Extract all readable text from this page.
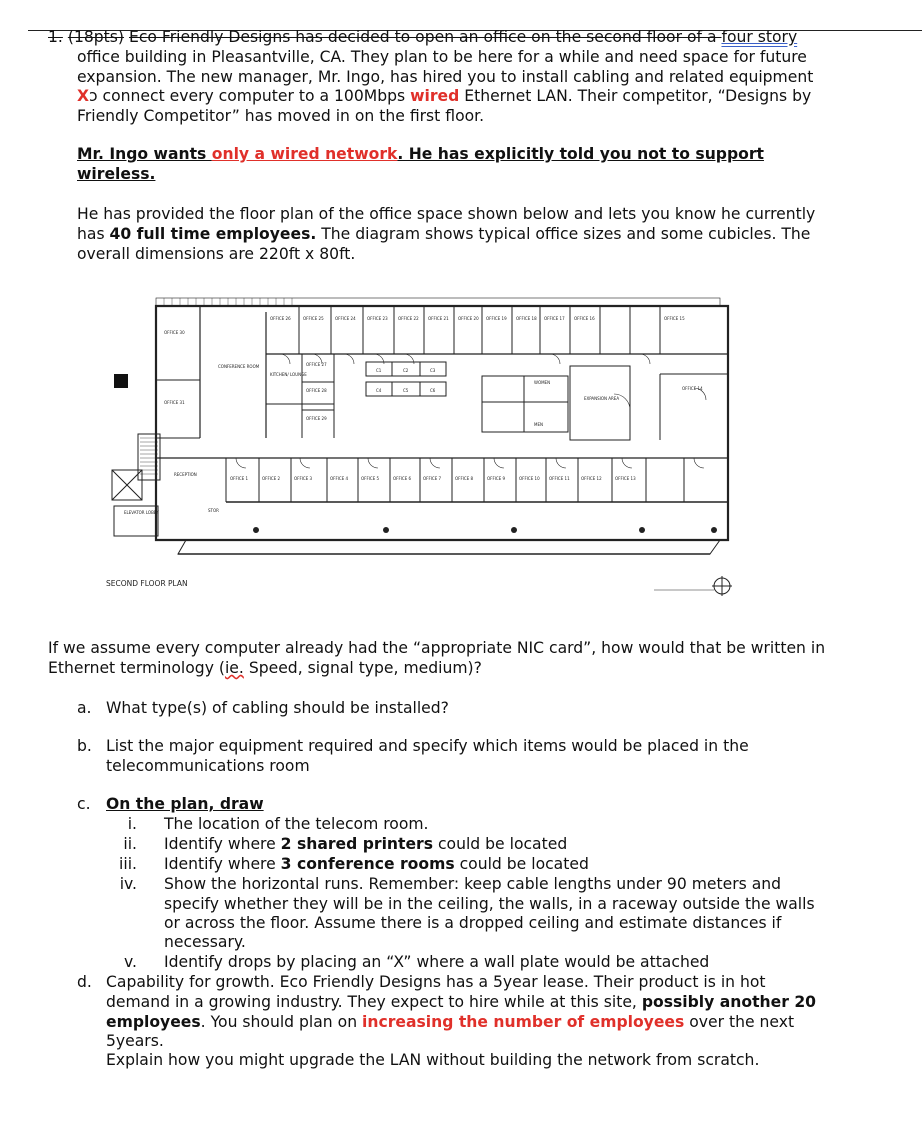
1. (18pts) Eco Friendly Designs has decided to open an office on the second floor of a four story
office building in Pleasantville, CA. They plan to be here for a while and need space for future
expansion. The new manager, Mr. Ingo, has hired you to install cabling and related equipment
Xɔ connect every computer to a 100Mbps wired Ethernet LAN. Their competitor, “Designs by
Friendly Competitor” has moved in on the first floor.
Mr. Ingo wants only a wired network. He has explicitly told you not to support
wireless.
He has provided the floor plan of the office space shown below and lets you know he currently
has 40 full time employees. The diagram shows typical office sizes and some cubicles. The
overall dimensions are 220ft x 80ft.
OFFICE 30
OFFICE 31
CONFERENCE ROOM
KITCHEN/ LOUNGE
OFFICE 27
OFFICE 28
OFFICE 29
EXPANSION AREA
WOMEN
MEN
OFFICE 14
RECEPTION
ELEVATOR LOBBY	STOR
OFFICE 26	OFFICE 25	OFFICE 24	OFFICE 23	OFFICE 22 OFFICE 21 OFFICE 20 OFFICE 19 OFFICE 18 OFFICE 17 OFFICE 16	OFFICE 15
OFFICE 1	OFFICE 2	OFFICE 3	OFFICE 4	OFFICE 5	OFFICE 6	OFFICE 7	OFFICE 8	OFFICE 9	OFFICE 10 OFFICE 11	OFFICE 12	OFFICE 13
C1	C2	C3
C4	C5	C6
SECOND FLOOR PLAN
If we assume every computer already had the “appropriate NIC card”, how would that be written in
Ethernet terminology (ie. Speed, signal type, medium)?
a. What type(s) of cabling should be installed?
b. List the major equipment required and specify which items would be placed in the
telecommunications room
c. On the plan, draw
i. The location of the telecom room.
ii. Identify where 2 shared printers could be located
iii. Identify where 3 conference rooms could be located
iv. Show the horizontal runs. Remember: keep cable lengths under 90 meters and
specify whether they will be in the ceiling, the walls, in a raceway outside the walls
or across the floor. Assume there is a dropped ceiling and estimate distances if
necessary.
v. Identify drops by placing an “X” where a wall plate would be attached
d. Capability for growth. Eco Friendly Designs has a 5year lease. Their product is in hot
demand in a growing industry. They expect to hire while at this site, possibly another 20
employees. You should plan on increasing the number of employees over the next
5years.
Explain how you might upgrade the LAN without building the network from scratch.
